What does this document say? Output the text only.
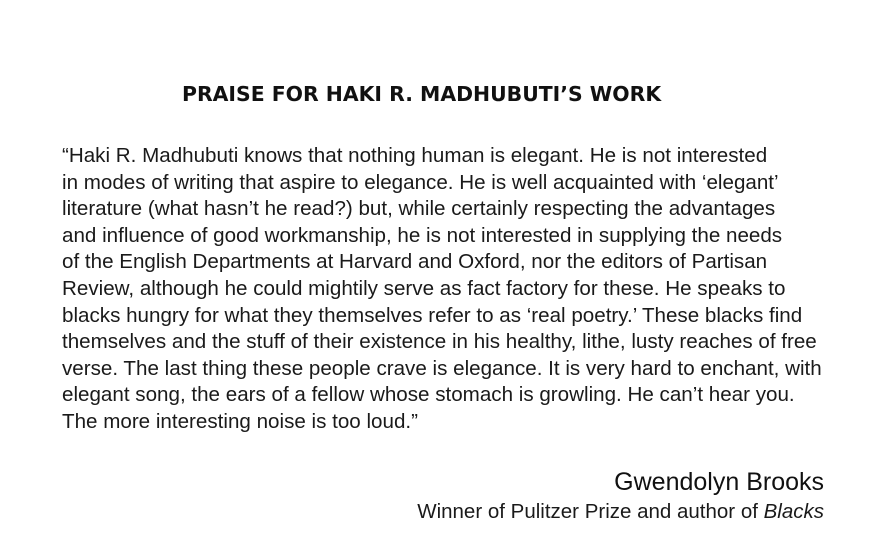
PRAISE FOR HAKI R. MADHUBUTI’S WORK
“Haki R. Madhubuti knows that nothing human is elegant. He is not interested
in modes of writing that aspire to elegance. He is well acquainted with ‘elegant’
literature (what hasn’t he read?) but, while certainly respecting the advantages
and influence of good workmanship, he is not interested in supplying the needs
of the English Departments at Harvard and Oxford, nor the editors of Partisan
Review, although he could mightily serve as fact factory for these. He speaks to
blacks hungry for what they themselves refer to as ‘real poetry.’ These blacks find
themselves and the stuff of their existence in his healthy, lithe, lusty reaches of free
verse. The last thing these people crave is elegance. It is very hard to enchant, with
elegant song, the ears of a fellow whose stomach is growling. He can’t hear you.
The more interesting noise is too loud.”
Gwendolyn Brooks
Winner of Pulitzer Prize and author of Blacks
